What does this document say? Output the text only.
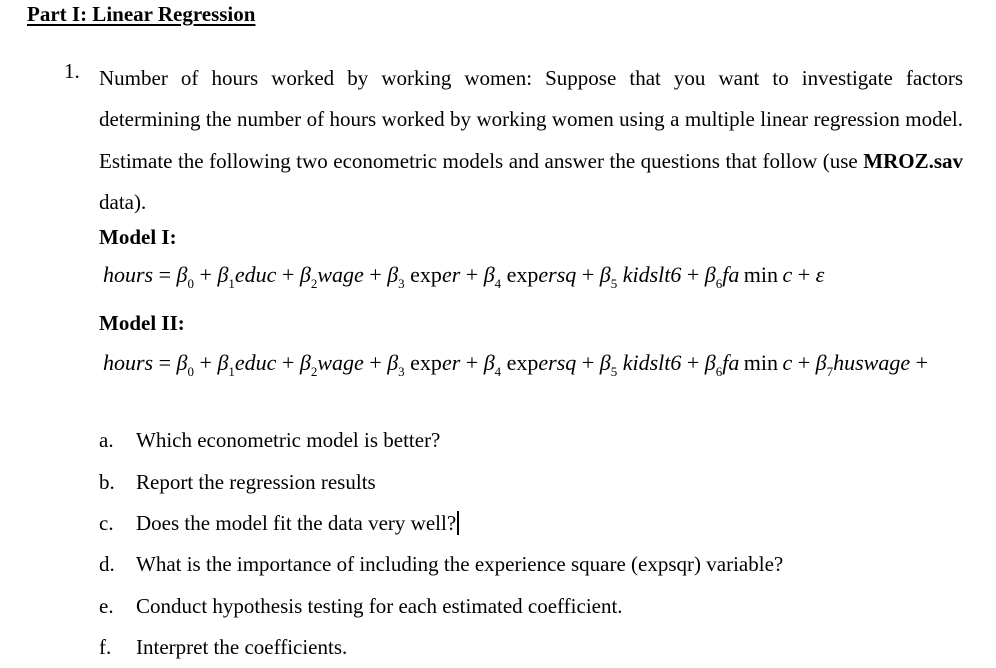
Part I: Linear Regression
1. Number of hours worked by working women: Suppose that you want to investigate factors determining the number of hours worked by working women using a multiple linear regression model. Estimate the following two econometric models and answer the questions that follow (use MROZ.sav data).
Model I:
hours = $\beta_0$ + $\beta_1educ$ + $\beta_2wage + \beta_3$ exper + $\beta_4$ expersq + $\beta_5$ kidslt6 + $\beta_6fa$  min  c + ε
Model II:
hours = $\beta_0$ + $\beta_1educ$ + $\beta_2wage + \beta_3$ exper + $\beta_4$ expersq + $\beta_5$ kidslt6 + $\beta_6fa$  $\min c + \beta_7huswage$ +
a. Which econometric model is better?
b. Report the regression results
c. Does the model fit the data very well?
d. What is the importance of including the experience square (expsqr) variable?
e. Conduct hypothesis testing for each estimated coefficient.
f. Interpret the coefficients.
